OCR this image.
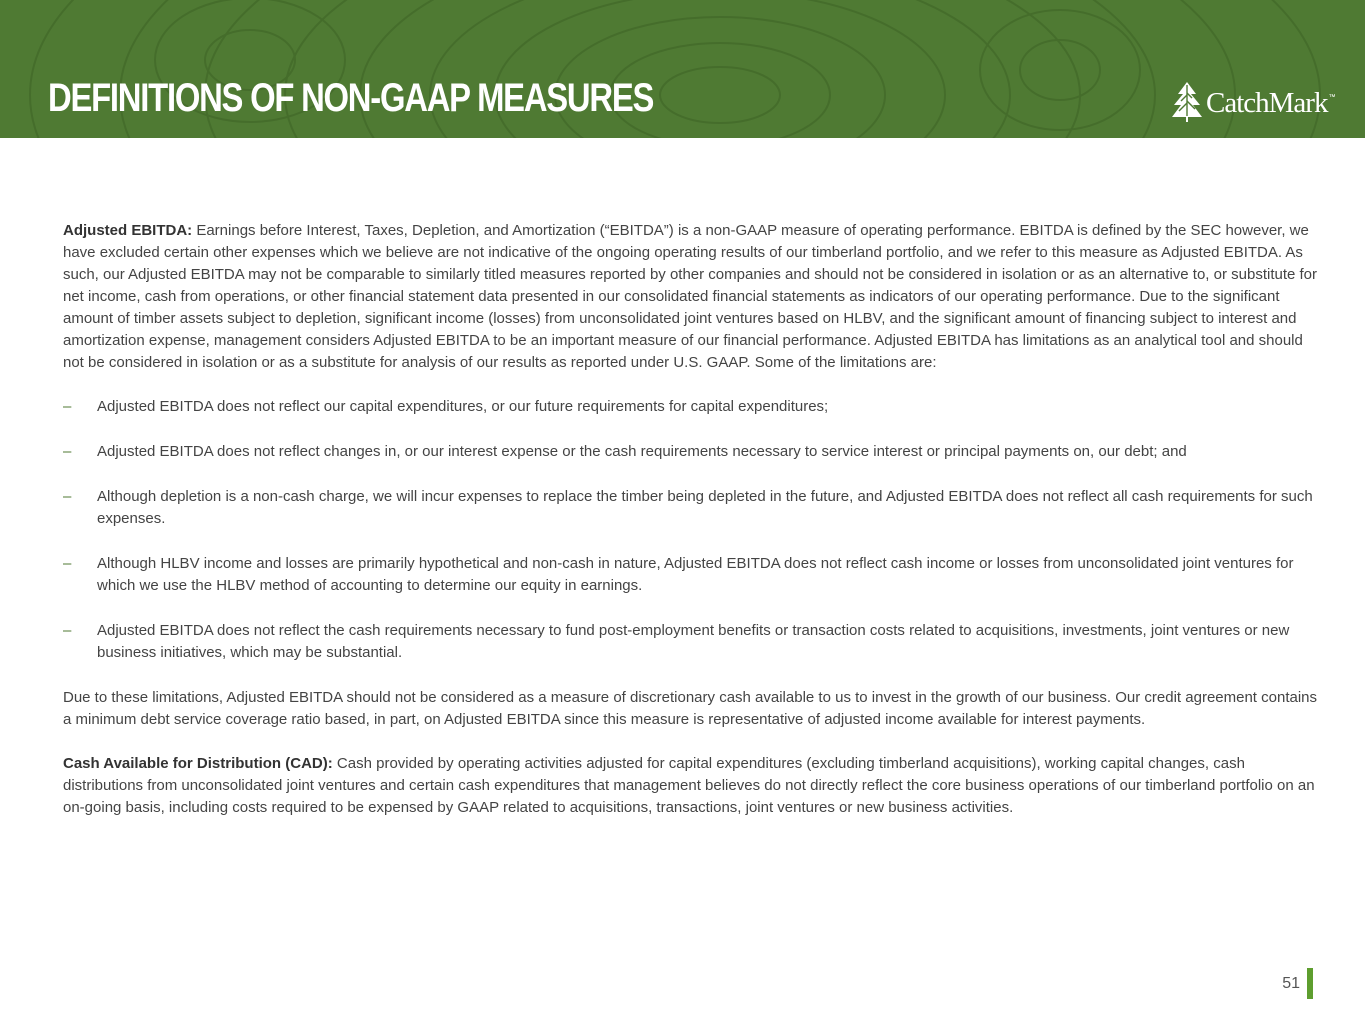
DEFINITIONS OF NON-GAAP MEASURES	CatchMark ™

Adjusted EBITDA: Earnings before Interest, Taxes, Depletion, and Amortization (“EBITDA”) is a non-GAAP measure of operating performance. EBITDA is defined by the SEC however, we have excluded certain other expenses which we believe are not indicative of the ongoing operating results of our timberland portfolio, and we refer to this measure as Adjusted EBITDA. As such, our Adjusted EBITDA may not be comparable to similarly titled measures reported by other companies and should not be considered in isolation or as an alternative to, or substitute for net income, cash from operations, or other financial statement data presented in our consolidated financial statements as indicators of our operating performance. Due to the significant amount of timber assets subject to depletion, significant income (losses) from unconsolidated joint ventures based on HLBV, and the significant amount of financing subject to interest and amortization expense, management considers Adjusted EBITDA to be an important measure of our financial performance. Adjusted EBITDA has limitations as an analytical tool and should not be considered in isolation or as a substitute for analysis of our results as reported under U.S. GAAP. Some of the limitations are:

– Adjusted EBITDA does not reflect our capital expenditures, or our future requirements for capital expenditures;
– Adjusted EBITDA does not reflect changes in, or our interest expense or the cash requirements necessary to service interest or principal payments on, our debt; and
– Although depletion is a non-cash charge, we will incur expenses to replace the timber being depleted in the future, and Adjusted EBITDA does not reflect all cash requirements for such expenses.
– Although HLBV income and losses are primarily hypothetical and non-cash in nature, Adjusted EBITDA does not reflect cash income or losses from unconsolidated joint ventures for which we use the HLBV method of accounting to determine our equity in earnings.
– Adjusted EBITDA does not reflect the cash requirements necessary to fund post-employment benefits or transaction costs related to acquisitions, investments, joint ventures or new business initiatives, which may be substantial.

Due to these limitations, Adjusted EBITDA should not be considered as a measure of discretionary cash available to us to invest in the growth of our business. Our credit agreement contains a minimum debt service coverage ratio based, in part, on Adjusted EBITDA since this measure is representative of adjusted income available for interest payments.

Cash Available for Distribution (CAD): Cash provided by operating activities adjusted for capital expenditures (excluding timberland acquisitions), working capital changes, cash distributions from unconsolidated joint ventures and certain cash expenditures that management believes do not directly reflect the core business operations of our timberland portfolio on an on-going basis, including costs required to be expensed by GAAP related to acquisitions, transactions, joint ventures or new business activities.

51
